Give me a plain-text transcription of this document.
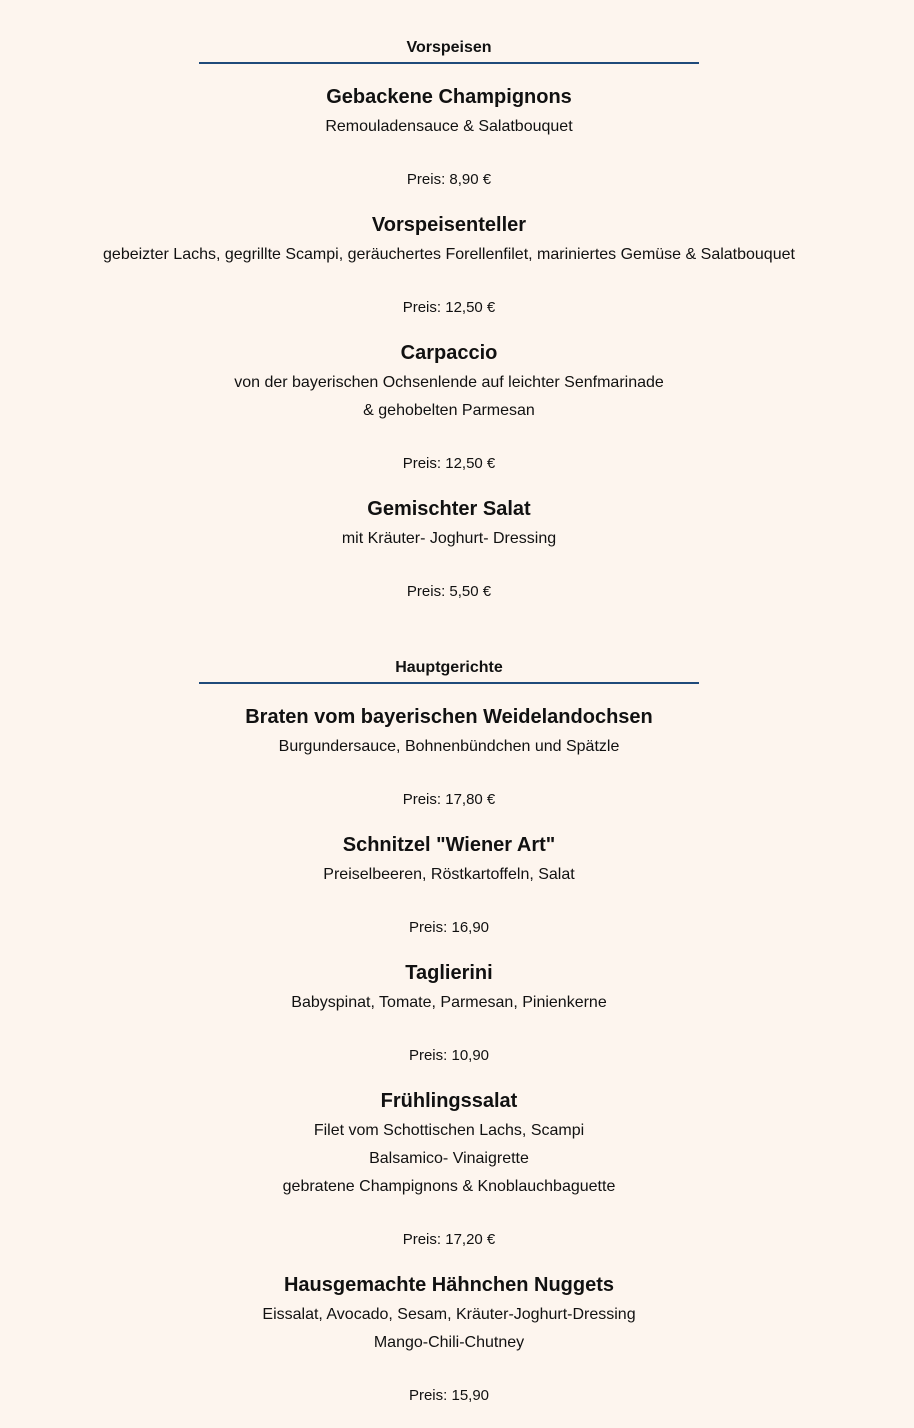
Vorspeisen
Gebackene Champignons
Remouladensauce & Salatbouquet
Preis: 8,90 €
Vorspeisenteller
gebeizter Lachs, gegrillte Scampi, geräuchertes Forellenfilet, mariniertes Gemüse & Salatbouquet
Preis: 12,50 €
Carpaccio
von der bayerischen Ochsenlende auf leichter Senfmarinade
& gehobelten Parmesan
Preis: 12,50 €
Gemischter Salat
mit Kräuter- Joghurt- Dressing
Preis: 5,50 €
Hauptgerichte
Braten vom bayerischen Weidelandochsen
Burgundersauce, Bohnenbündchen und Spätzle
Preis: 17,80 €
Schnitzel "Wiener Art"
Preiselbeeren, Röstkartoffeln, Salat
Preis: 16,90
Taglierini
Babyspinat, Tomate, Parmesan, Pinienkerne
Preis: 10,90
Frühlingssalat
Filet vom Schottischen Lachs, Scampi
Balsamico- Vinaigrette
gebratene Champignons & Knoblauchbaguette
Preis: 17,20 €
Hausgemachte Hähnchen Nuggets
Eissalat, Avocado, Sesam, Kräuter-Joghurt-Dressing
Mango-Chili-Chutney
Preis: 15,90
